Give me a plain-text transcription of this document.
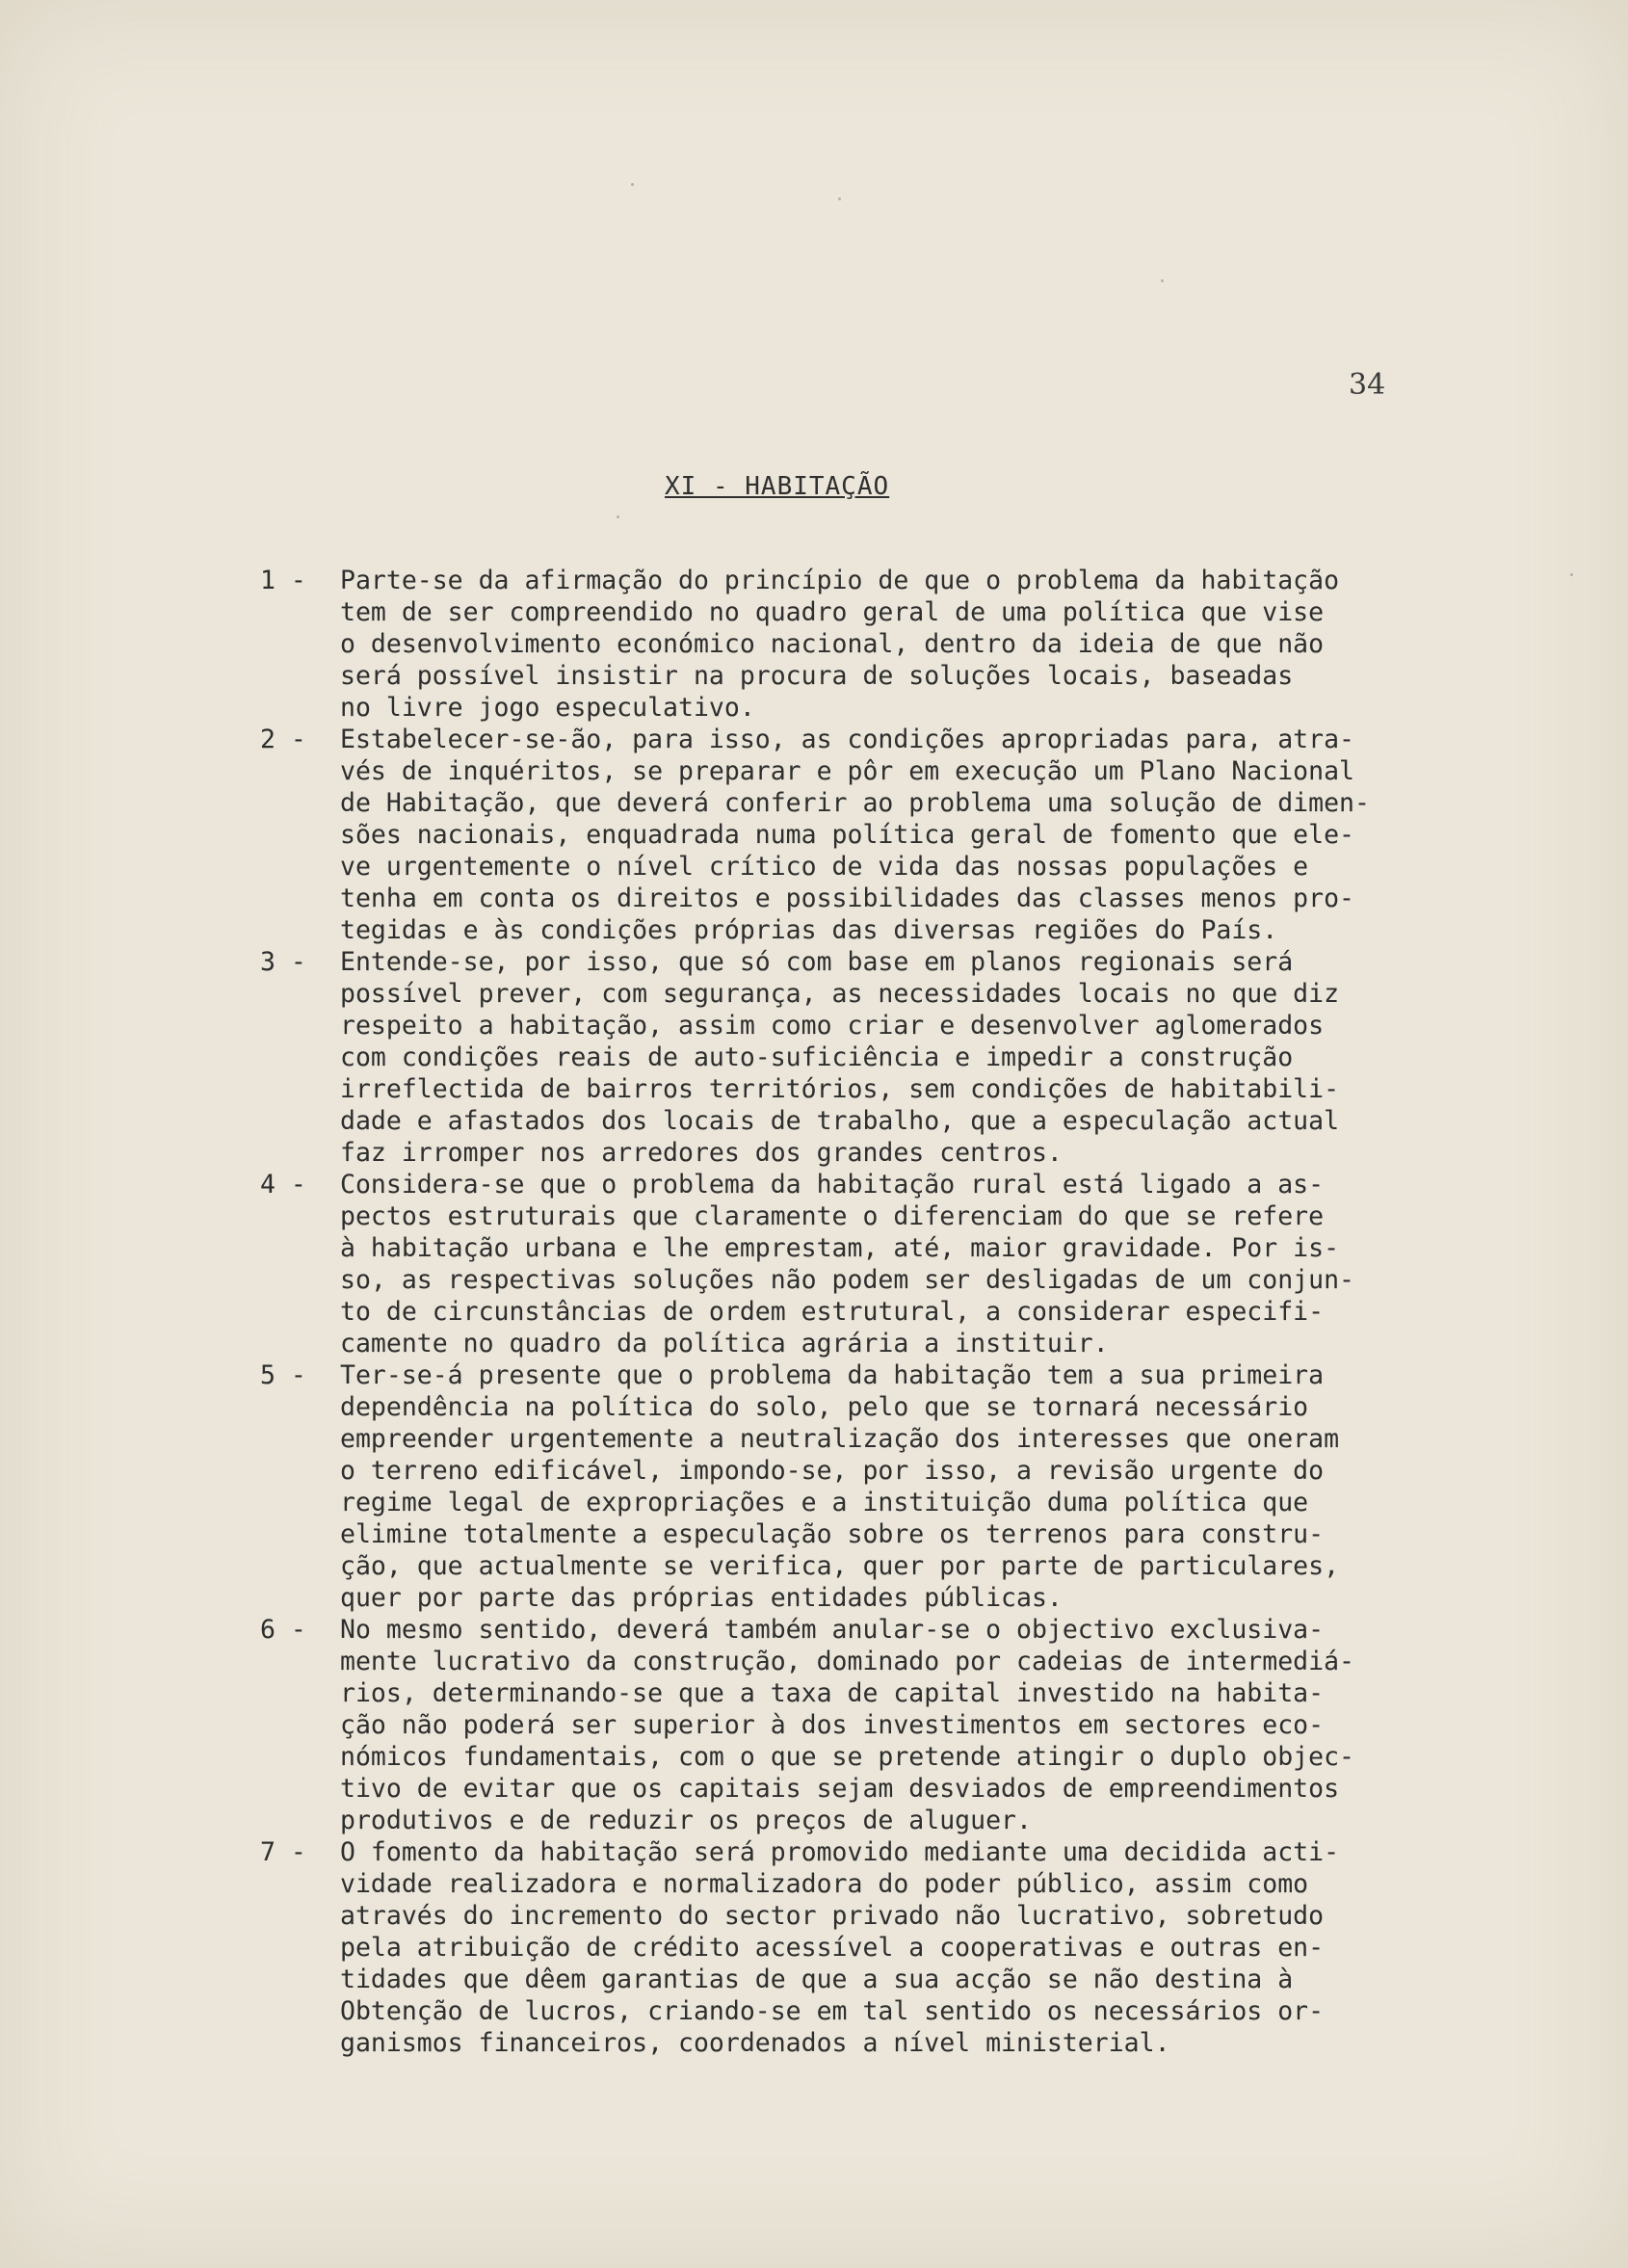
34
XI - HABITAÇÃO
1 -	Parte-se da afirmação do princípio de que o problema da habitação
tem de ser compreendido no quadro geral de uma política que vise
o desenvolvimento económico nacional, dentro da ideia de que não
será possível insistir na procura de soluções locais, baseadas
no livre jogo especulativo.
2 -	Estabelecer-se-ão, para isso, as condições apropriadas para, atra-
vés de inquéritos, se preparar e pôr em execução um Plano Nacional
de Habitação, que deverá conferir ao problema uma solução de dimen-
sões nacionais, enquadrada numa política geral de fomento que ele-
ve urgentemente o nível crítico de vida das nossas populações e
tenha em conta os direitos e possibilidades das classes menos pro-
tegidas e às condições próprias das diversas regiões do País.
3 -	Entende-se, por isso, que só com base em planos regionais será
possível prever, com segurança, as necessidades locais no que diz
respeito a habitação, assim como criar e desenvolver aglomerados
com condições reais de auto-suficiência e impedir a construção
irreflectida de bairros territórios, sem condições de habitabili-
dade e afastados dos locais de trabalho, que a especulação actual
faz irromper nos arredores dos grandes centros.
4 -	Considera-se que o problema da habitação rural está ligado a as-
pectos estruturais que claramente o diferenciam do que se refere
à habitação urbana e lhe emprestam, até, maior gravidade. Por is-
so, as respectivas soluções não podem ser desligadas de um conjun-
to de circunstâncias de ordem estrutural, a considerar especifi-
camente no quadro da política agrária a instituir.
5 -	Ter-se-á presente que o problema da habitação tem a sua primeira
dependência na política do solo, pelo que se tornará necessário
empreender urgentemente a neutralização dos interesses que oneram
o terreno edificável, impondo-se, por isso, a revisão urgente do
regime legal de expropriações e a instituição duma política que
elimine totalmente a especulação sobre os terrenos para constru-
ção, que actualmente se verifica, quer por parte de particulares,
quer por parte das próprias entidades públicas.
6 -	No mesmo sentido, deverá também anular-se o objectivo exclusiva-
mente lucrativo da construção, dominado por cadeias de intermediá-
rios, determinando-se que a taxa de capital investido na habita-
ção não poderá ser superior à dos investimentos em sectores eco-
nómicos fundamentais, com o que se pretende atingir o duplo objec-
tivo de evitar que os capitais sejam desviados de empreendimentos
produtivos e de reduzir os preços de aluguer.
7 -	O fomento da habitação será promovido mediante uma decidida acti-
vidade realizadora e normalizadora do poder público, assim como
através do incremento do sector privado não lucrativo, sobretudo
pela atribuição de crédito acessível a cooperativas e outras en-
tidades que dêem garantias de que a sua acção se não destina à
Obtenção de lucros, criando-se em tal sentido os necessários or-
ganismos financeiros, coordenados a nível ministerial.
